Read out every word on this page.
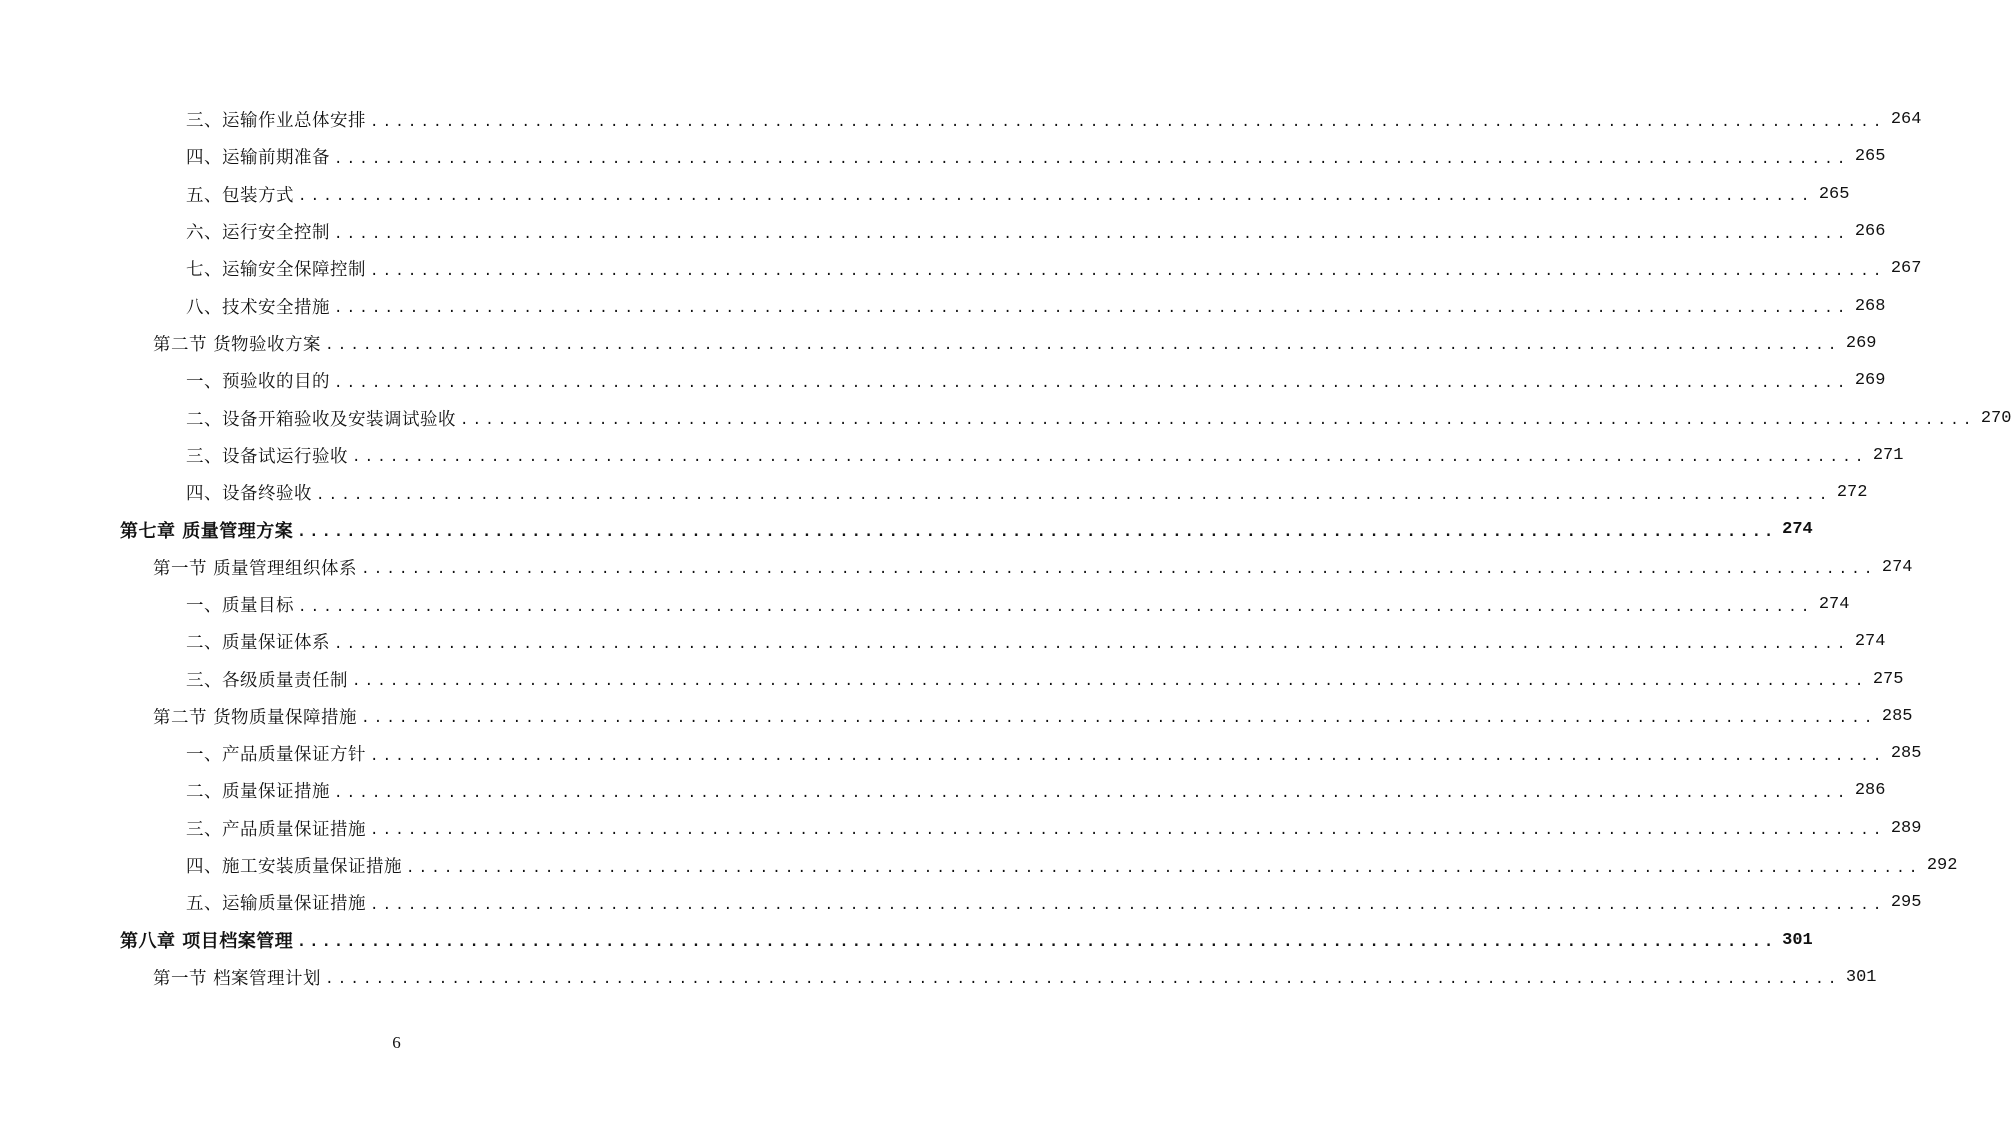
三、运输作业总体安排 ........................................................................................................................ 264
四、运输前期准备 ........................................................................................................................ 265
五、包装方式 ........................................................................................................................ 265
六、运行安全控制 ........................................................................................................................ 266
七、运输安全保障控制 ........................................................................................................................ 267
八、技术安全措施 ........................................................................................................................ 268
第二节 货物验收方案 ........................................................................................................................ 269
一、预验收的目的 ........................................................................................................................ 269
二、设备开箱验收及安装调试验收 ........................................................................................................................ 270
三、设备试运行验收 ........................................................................................................................ 271
四、设备终验收 ........................................................................................................................ 272
第七章 质量管理方案 ........................................................................................................................ 274
第一节 质量管理组织体系 ........................................................................................................................ 274
一、质量目标 ........................................................................................................................ 274
二、质量保证体系 ........................................................................................................................ 274
三、各级质量责任制 ........................................................................................................................ 275
第二节 货物质量保障措施 ........................................................................................................................ 285
一、产品质量保证方针 ........................................................................................................................ 285
二、质量保证措施 ........................................................................................................................ 286
三、产品质量保证措施 ........................................................................................................................ 289
四、施工安装质量保证措施 ........................................................................................................................ 292
五、运输质量保证措施 ........................................................................................................................ 295
第八章 项目档案管理 ........................................................................................................................ 301
第一节 档案管理计划 ........................................................................................................................ 301
6
